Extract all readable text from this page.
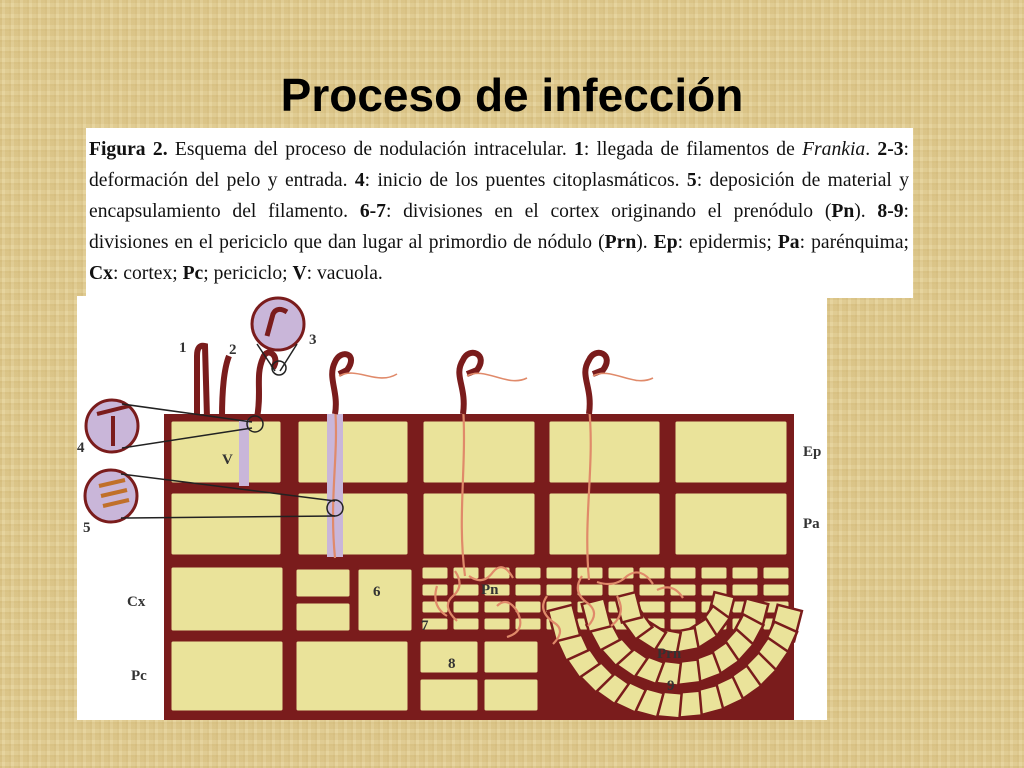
Proceso de infección
Figura 2. Esquema del proceso de nodulación intracelular. 1: llegada de filamentos de Frankia. 2-3: deformación del pelo y entrada. 4: inicio de los puentes citoplasmáticos. 5: deposición de material y encapsulamiento del filamento. 6-7: divisiones en el cortex originando el prenódulo (Pn). 8-9: divisiones en el periciclo que dan lugar al primordio de nódulo (Prn). Ep: epidermis; Pa: parénquima; Cx: cortex; Pc; periciclo; V: vacuola.
1	2
3
4
5
6
7
8
9
V
Pn
Prn
Ep
Pa
Cx
Pc
